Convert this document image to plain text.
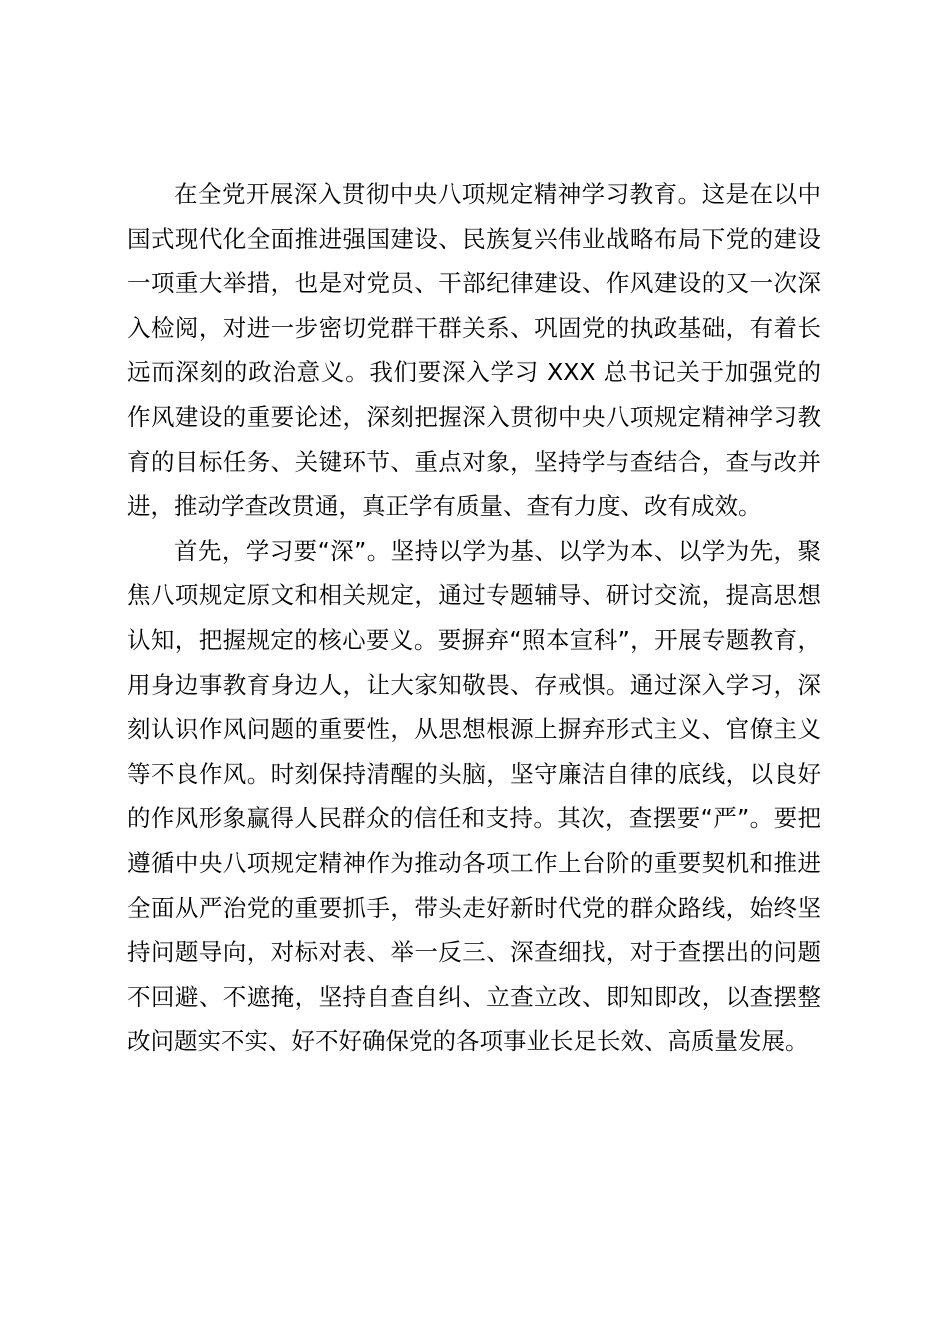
在全党开展深入贯彻中央八项规定精神学习教育。这是在以中国式现代化全面推进强国建设、民族复兴伟业战略布局下党的建设一项重大举措，也是对党员、干部纪律建设、作风建设的又一次深入检阅，对进一步密切党群干群关系、巩固党的执政基础，有着长远而深刻的政治意义。我们要深入学习 XXX 总书记关于加强党的作风建设的重要论述，深刻把握深入贯彻中央八项规定精神学习教育的目标任务、关键环节、重点对象，坚持学与查结合，查与改并进，推动学查改贯通，真正学有质量、查有力度、改有成效。

首先，学习要“深”。坚持以学为基、以学为本、以学为先，聚焦八项规定原文和相关规定，通过专题辅导、研讨交流，提高思想认知，把握规定的核心要义。要摒弃“照本宣科”，开展专题教育，用身边事教育身边人，让大家知敬畏、存戒惧。通过深入学习，深刻认识作风问题的重要性，从思想根源上摒弃形式主义、官僚主义等不良作风。时刻保持清醒的头脑，坚守廉洁自律的底线，以良好的作风形象赢得人民群众的信任和支持。其次，查摆要“严”。要把遵循中央八项规定精神作为推动各项工作上台阶的重要契机和推进全面从严治党的重要抓手，带头走好新时代党的群众路线，始终坚持问题导向，对标对表、举一反三、深查细找，对于查摆出的问题不回避、不遮掩，坚持自查自纠、立查立改、即知即改，以查摆整改问题实不实、好不好确保党的各项事业长足长效、高质量发展。
